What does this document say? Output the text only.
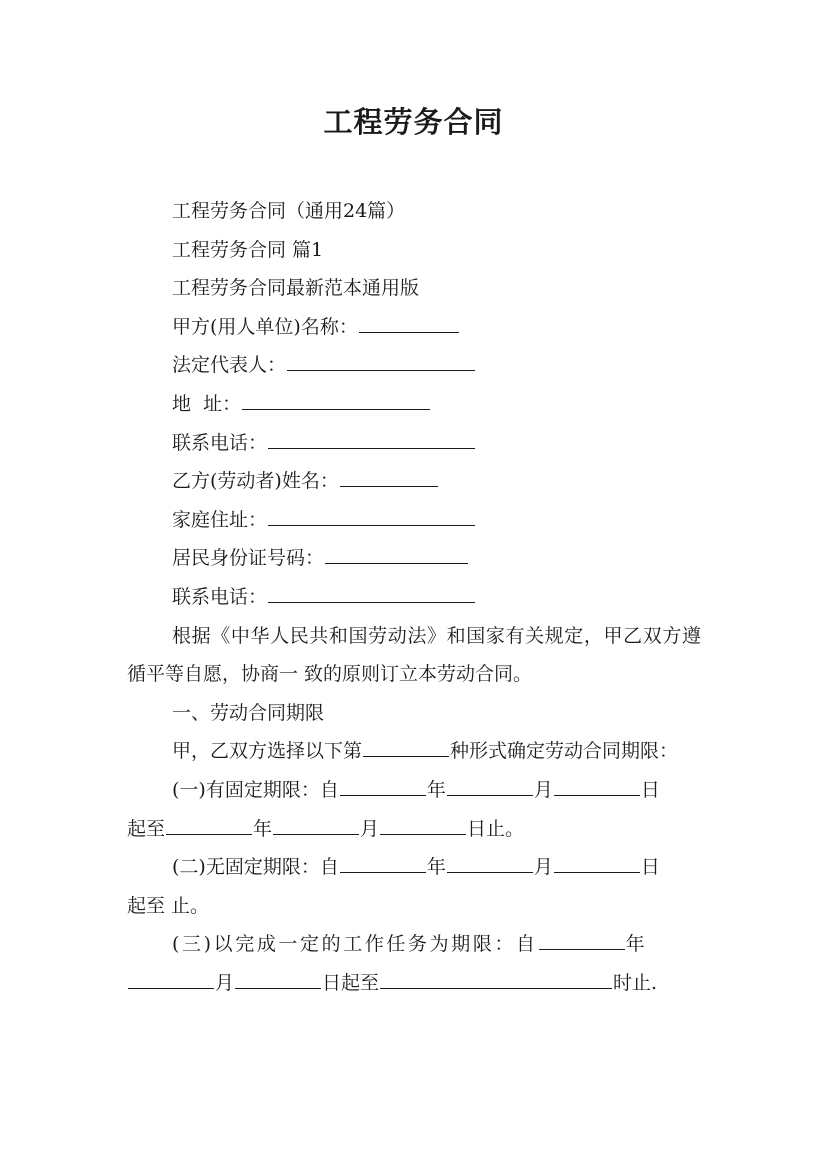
工程劳务合同

工程劳务合同（通用24篇）

工程劳务合同 篇1

工程劳务合同最新范本通用版

甲方(用人单位)名称：
法定代表人：
地  址：
联系电话：
乙方(劳动者)姓名：
家庭住址：
居民身份证号码：
联系电话：

根据《中华人民共和国劳动法》和国家有关规定，甲乙双方遵循平等自愿，协商一 致的原则订立本劳动合同。

一、劳动合同期限

甲，乙双方选择以下第	种形式确定劳动合同期限：
(一)有固定期限：自	年	月	日
起至	年	月	日止。
(二)无固定期限：自	年	月	日

起至 止。

(三)以完成一定的工作任务为期限：自	年
月	日起至	时止.
